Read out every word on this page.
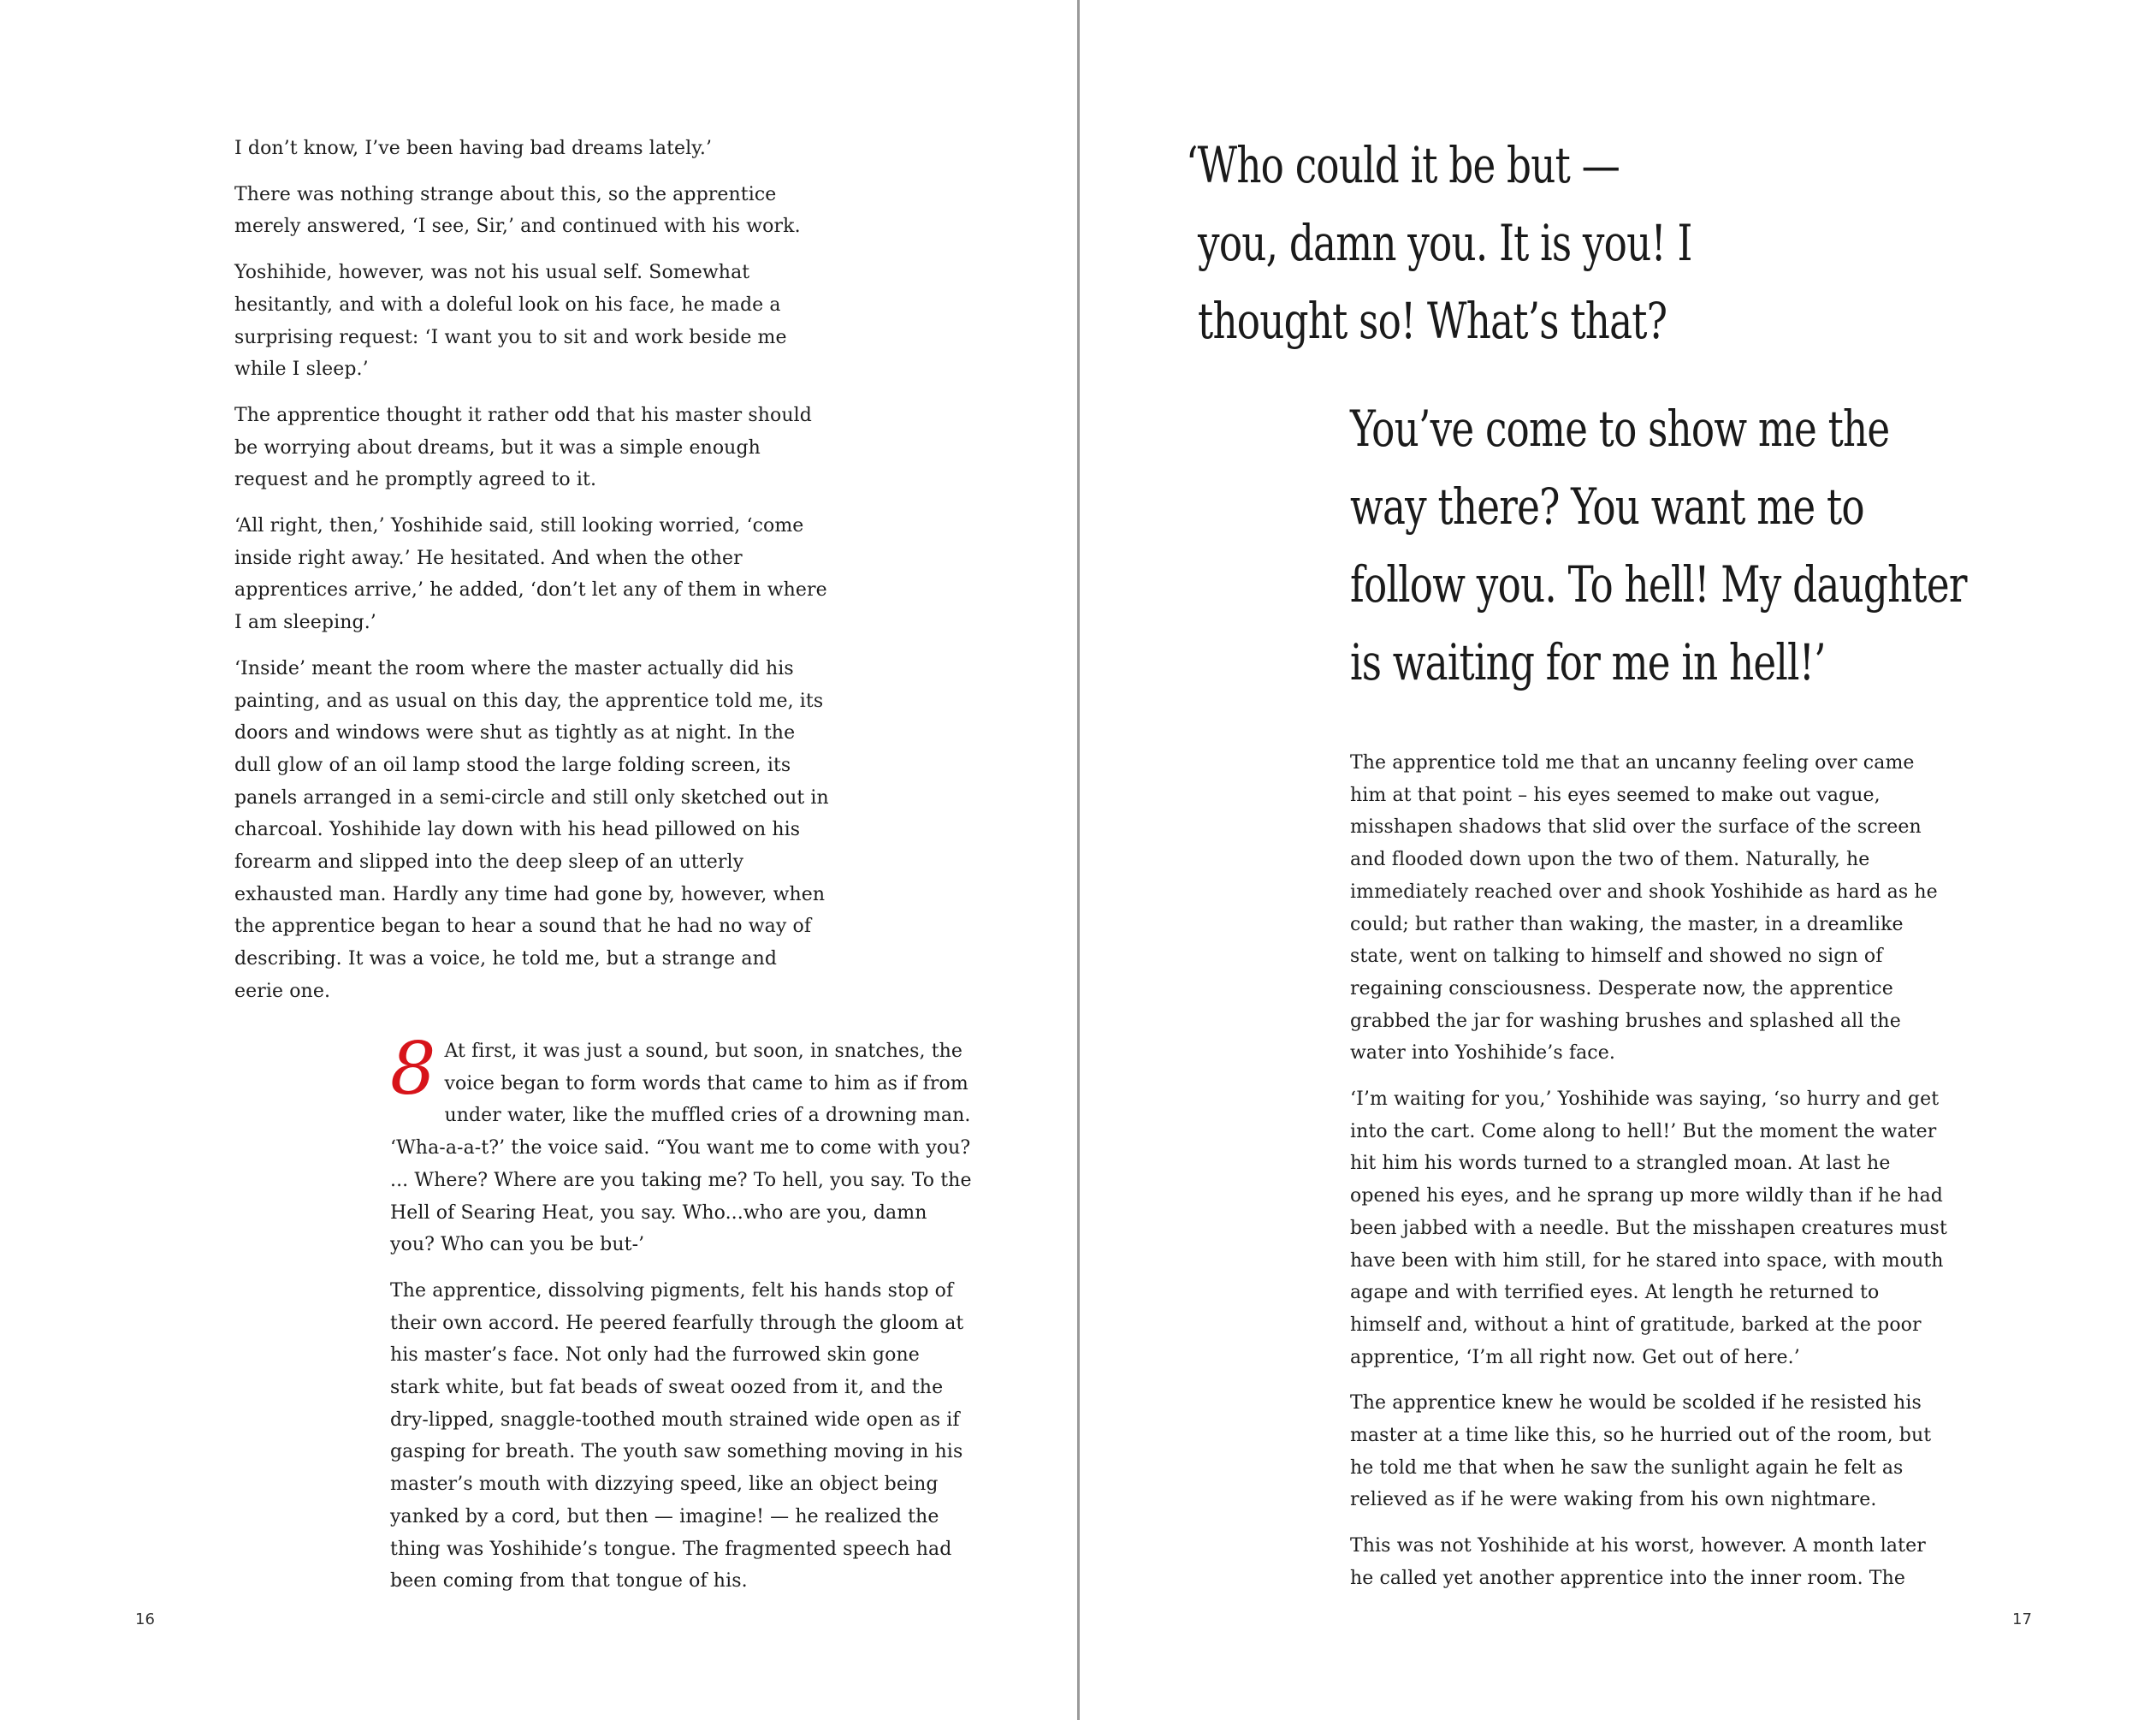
I don’t know, I’ve been having bad dreams lately.’

There was nothing strange about this, so the apprentice merely answered, ‘I see, Sir,’ and continued with his work.

Yoshihide, however, was not his usual self. Somewhat hesitantly, and with a doleful look on his face, he made a surprising request: ‘I want you to sit and work beside me while I sleep.’

The apprentice thought it rather odd that his master should be worrying about dreams, but it was a simple enough request and he promptly agreed to it.

‘All right, then,’ Yoshihide said, still looking worried, ‘come inside right away.’ He hesitated. And when the other apprentices arrive,’ he added, ‘don’t let any of them in where I am sleeping.’

‘Inside’ meant the room where the master actually did his painting, and as usual on this day, the apprentice told me, its doors and windows were shut as tightly as at night. In the dull glow of an oil lamp stood the large folding screen, its panels arranged in a semi-circle and still only sketched out in charcoal. Yoshihide lay down with his head pillowed on his forearm and slipped into the deep sleep of an utterly exhausted man. Hardly any time had gone by, however, when the apprentice began to hear a sound that he had no way of describing. It was a voice, he told me, but a strange and eerie one.

8 At first, it was just a sound, but soon, in snatches, the voice began to form words that came to him as if from under water, like the muffled cries of a drowning man. ‘Wha-a-a-t?’ the voice said. “You want me to come with you? ... Where? Where are you taking me? To hell, you say. To the Hell of Searing Heat, you say. Who...who are you, damn you? Who can you be but-’

The apprentice, dissolving pigments, felt his hands stop of their own accord. He peered fearfully through the gloom at his master’s face. Not only had the furrowed skin gone stark white, but fat beads of sweat oozed from it, and the dry-lipped, snaggle-toothed mouth strained wide open as if gasping for breath. The youth saw something moving in his master’s mouth with dizzying speed, like an object being yanked by a cord, but then — imagine! — he realized the thing was Yoshihide’s tongue. The fragmented speech had been coming from that tongue of his.

16
‘Who could it be but —
you, damn you. It is you! I
thought so! What’s that?
You’ve come to show me the
way there? You want me to
follow you. To hell! My daughter
is waiting for me in hell!’

The apprentice told me that an uncanny feeling over came him at that point – his eyes seemed to make out vague, misshapen shadows that slid over the surface of the screen and flooded down upon the two of them. Naturally, he immediately reached over and shook Yoshihide as hard as he could; but rather than waking, the master, in a dreamlike state, went on talking to himself and showed no sign of regaining consciousness. Desperate now, the apprentice grabbed the jar for washing brushes and splashed all the water into Yoshihide’s face.

‘I’m waiting for you,’ Yoshihide was saying, ‘so hurry and get into the cart. Come along to hell!’ But the moment the water hit him his words turned to a strangled moan. At last he opened his eyes, and he sprang up more wildly than if he had been jabbed with a needle. But the misshapen creatures must have been with him still, for he stared into space, with mouth agape and with terrified eyes. At length he returned to himself and, without a hint of gratitude, barked at the poor apprentice, ‘I’m all right now. Get out of here.’

The apprentice knew he would be scolded if he resisted his master at a time like this, so he hurried out of the room, but he told me that when he saw the sunlight again he felt as relieved as if he were waking from his own nightmare.

This was not Yoshihide at his worst, however. A month later he called yet another apprentice into the inner room. The

17
